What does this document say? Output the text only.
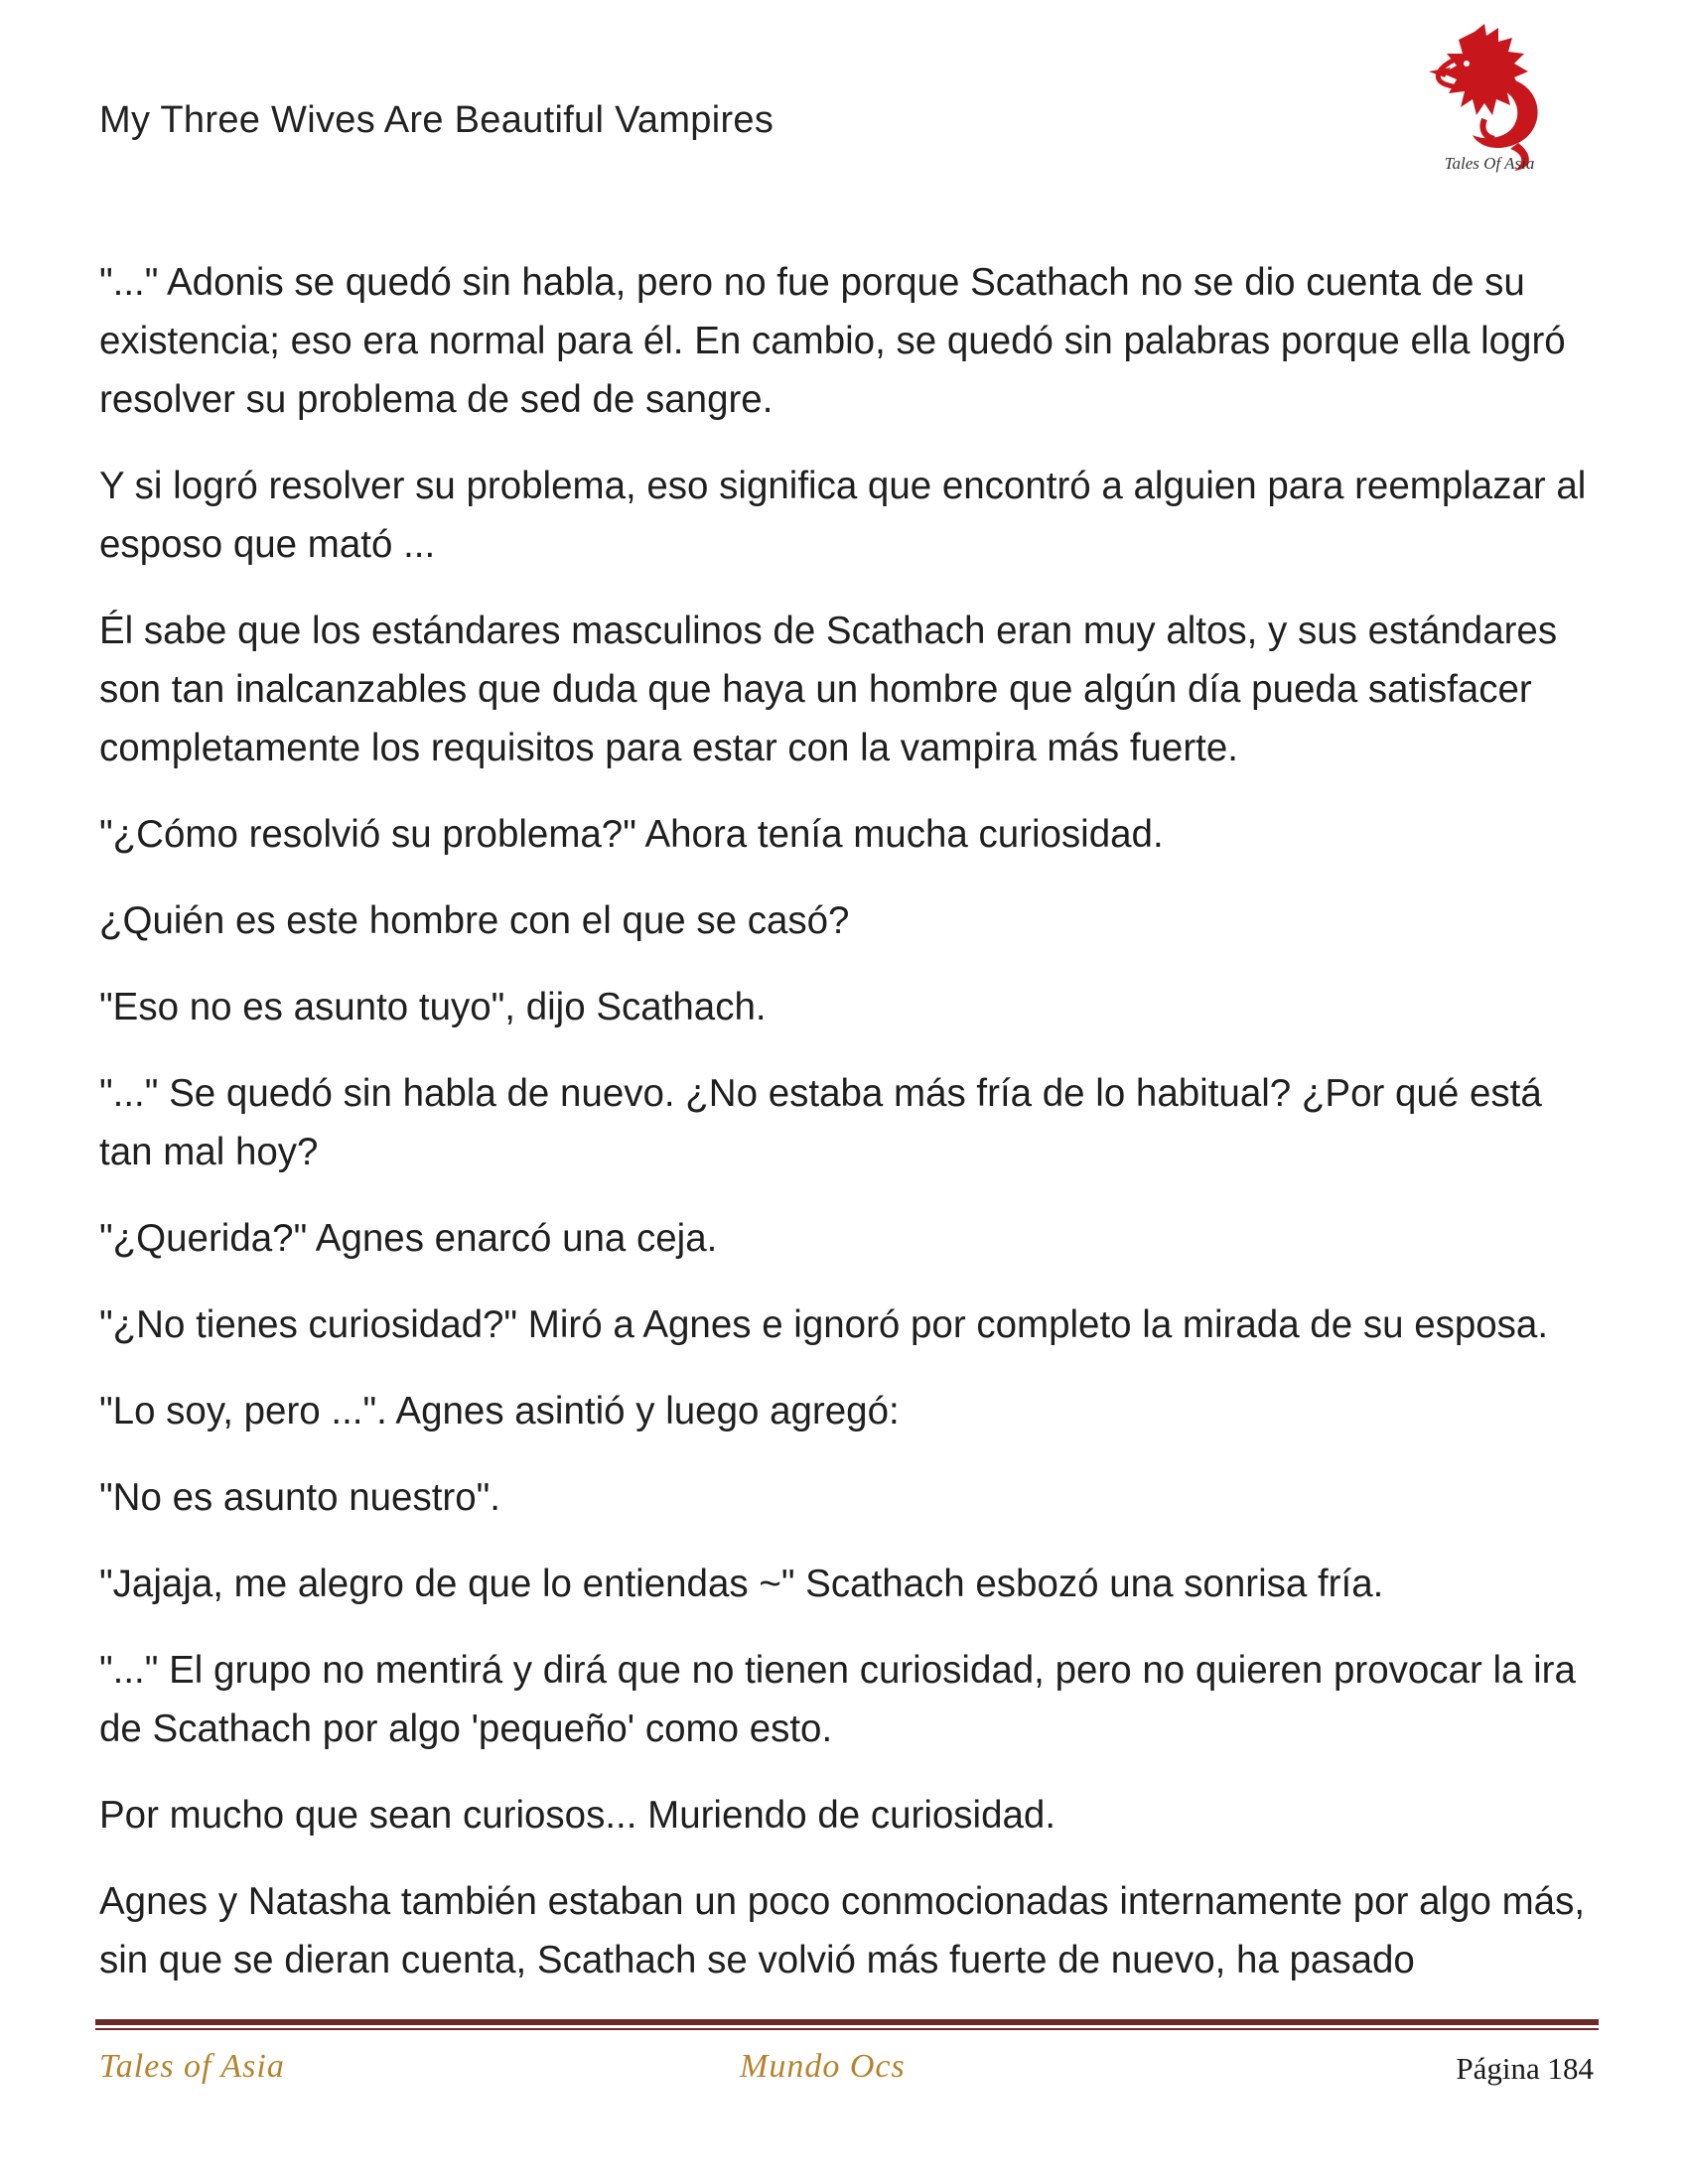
My Three Wives Are Beautiful Vampires
Tales Of Asia

"..." Adonis se quedó sin habla, pero no fue porque Scathach no se dio cuenta de su existencia; eso era normal para él. En cambio, se quedó sin palabras porque ella logró resolver su problema de sed de sangre.

Y si logró resolver su problema, eso significa que encontró a alguien para reemplazar al esposo que mató ...

Él sabe que los estándares masculinos de Scathach eran muy altos, y sus estándares son tan inalcanzables que duda que haya un hombre que algún día pueda satisfacer completamente los requisitos para estar con la vampira más fuerte.

"¿Cómo resolvió su problema?" Ahora tenía mucha curiosidad.

¿Quién es este hombre con el que se casó?

"Eso no es asunto tuyo", dijo Scathach.

"..." Se quedó sin habla de nuevo. ¿No estaba más fría de lo habitual? ¿Por qué está tan mal hoy?

"¿Querida?" Agnes enarcó una ceja.

"¿No tienes curiosidad?" Miró a Agnes e ignoró por completo la mirada de su esposa.

"Lo soy, pero ...". Agnes asintió y luego agregó:

"No es asunto nuestro".

"Jajaja, me alegro de que lo entiendas ~" Scathach esbozó una sonrisa fría.

"..." El grupo no mentirá y dirá que no tienen curiosidad, pero no quieren provocar la ira de Scathach por algo 'pequeño' como esto.

Por mucho que sean curiosos... Muriendo de curiosidad.

Agnes y Natasha también estaban un poco conmocionadas internamente por algo más, sin que se dieran cuenta, Scathach se volvió más fuerte de nuevo, ha pasado

Tales of Asia	Mundo Ocs	Página 184
